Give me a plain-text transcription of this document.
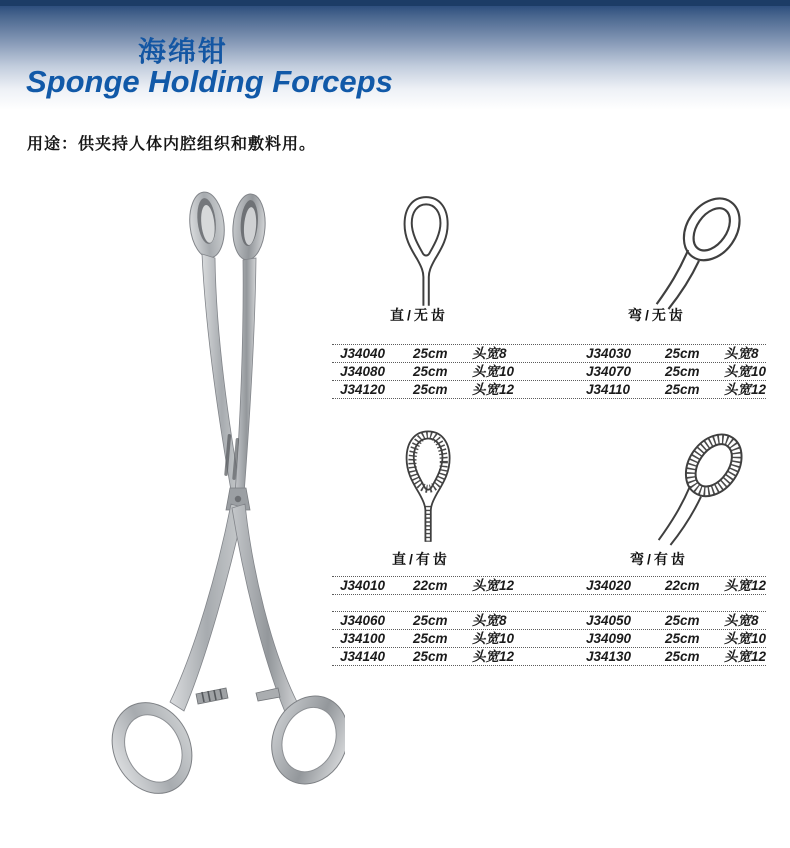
海绵钳
Sponge Holding Forceps
用途：供夹持人体内腔组织和敷料用。
直/无齿	弯/无齿
J34040	25cm	头宽8	J34030	25cm	头宽8
J34080	25cm	头宽10	J34070	25cm	头宽10
J34120	25cm	头宽12	J34110	25cm	头宽12
直/有齿	弯/有齿
J34010	22cm	头宽12	J34020	22cm	头宽12
J34060	25cm	头宽8	J34050	25cm	头宽8
J34100	25cm	头宽10	J34090	25cm	头宽10
J34140	25cm	头宽12	J34130	25cm	头宽12
